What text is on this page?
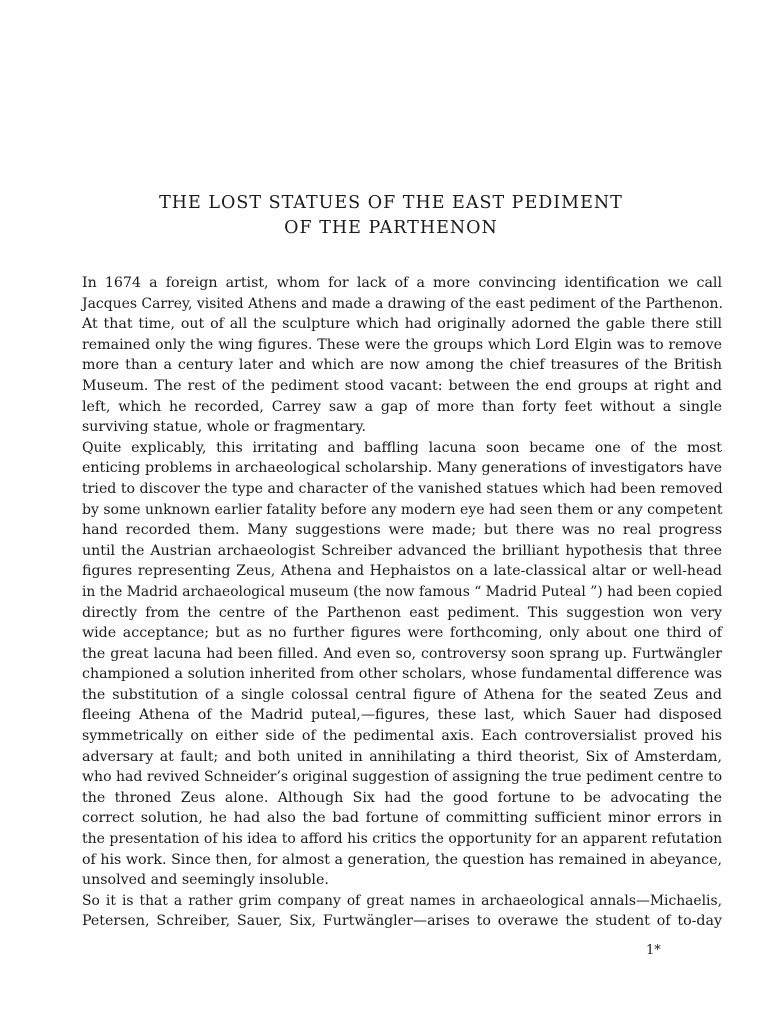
THE LOST STATUES OF THE EAST PEDIMENT
OF THE PARTHENON

In 1674 a foreign artist, whom for lack of a more convincing identification we call
Jacques Carrey, visited Athens and made a drawing of the east pediment of the Parthenon.
At that time, out of all the sculpture which had originally adorned the gable there still
remained only the wing figures. These were the groups which Lord Elgin was to remove
more than a century later and which are now among the chief treasures of the British
Museum. The rest of the pediment stood vacant: between the end groups at right and
left, which he recorded, Carrey saw a gap of more than forty feet without a single
surviving statue, whole or fragmentary.

Quite explicably, this irritating and baffling lacuna soon became one of the most
enticing problems in archaeological scholarship. Many generations of investigators have
tried to discover the type and character of the vanished statues which had been removed
by some unknown earlier fatality before any modern eye had seen them or any competent
hand recorded them. Many suggestions were made; but there was no real progress
until the Austrian archaeologist Schreiber advanced the brilliant hypothesis that three
figures representing Zeus, Athena and Hephaistos on a late-classical altar or well-head
in the Madrid archaeological museum (the now famous “ Madrid Puteal ”) had been copied
directly from the centre of the Parthenon east pediment. This suggestion won very
wide acceptance; but as no further figures were forthcoming, only about one third of
the great lacuna had been filled. And even so, controversy soon sprang up. Furtwängler
championed a solution inherited from other scholars, whose fundamental difference was
the substitution of a single colossal central figure of Athena for the seated Zeus and
fleeing Athena of the Madrid puteal,—figures, these last, which Sauer had disposed
symmetrically on either side of the pedimental axis. Each controversialist proved his
adversary at fault; and both united in annihilating a third theorist, Six of Amsterdam,
who had revived Schneider’s original suggestion of assigning the true pediment centre to
the throned Zeus alone. Although Six had the good fortune to be advocating the
correct solution, he had also the bad fortune of committing sufficient minor errors in
the presentation of his idea to afford his critics the opportunity for an apparent refutation
of his work. Since then, for almost a generation, the question has remained in abeyance,
unsolved and seemingly insoluble.

So it is that a rather grim company of great names in archaeological annals—Michaelis,
Petersen, Schreiber, Sauer, Six, Furtwängler—arises to overawe the student of to-day

1*
